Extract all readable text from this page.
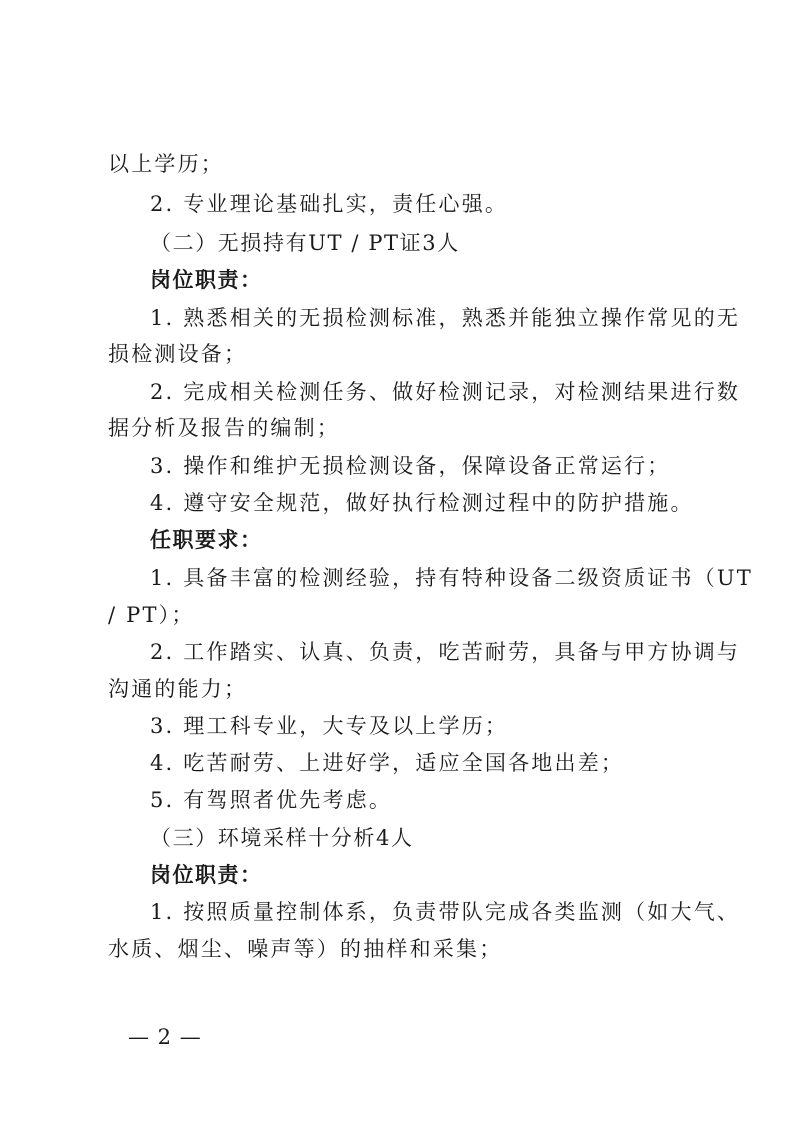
以上学历；
2. 专业理论基础扎实，责任心强。
（二）无损持有UT / PT证3人
岗位职责：
1. 熟悉相关的无损检测标准，熟悉并能独立操作常见的无
损检测设备；
2. 完成相关检测任务、做好检测记录，对检测结果进行数
据分析及报告的编制；
3. 操作和维护无损检测设备，保障设备正常运行；
4. 遵守安全规范，做好执行检测过程中的防护措施。
任职要求：
1. 具备丰富的检测经验，持有特种设备二级资质证书（UT
/ PT）；
2. 工作踏实、认真、负责，吃苦耐劳，具备与甲方协调与
沟通的能力；
3. 理工科专业，大专及以上学历；
4. 吃苦耐劳、上进好学，适应全国各地出差；
5. 有驾照者优先考虑。
（三）环境采样十分析4人
岗位职责：
1. 按照质量控制体系，负责带队完成各类监测（如大气、
水质、烟尘、噪声等）的抽样和采集；
— 2 —
